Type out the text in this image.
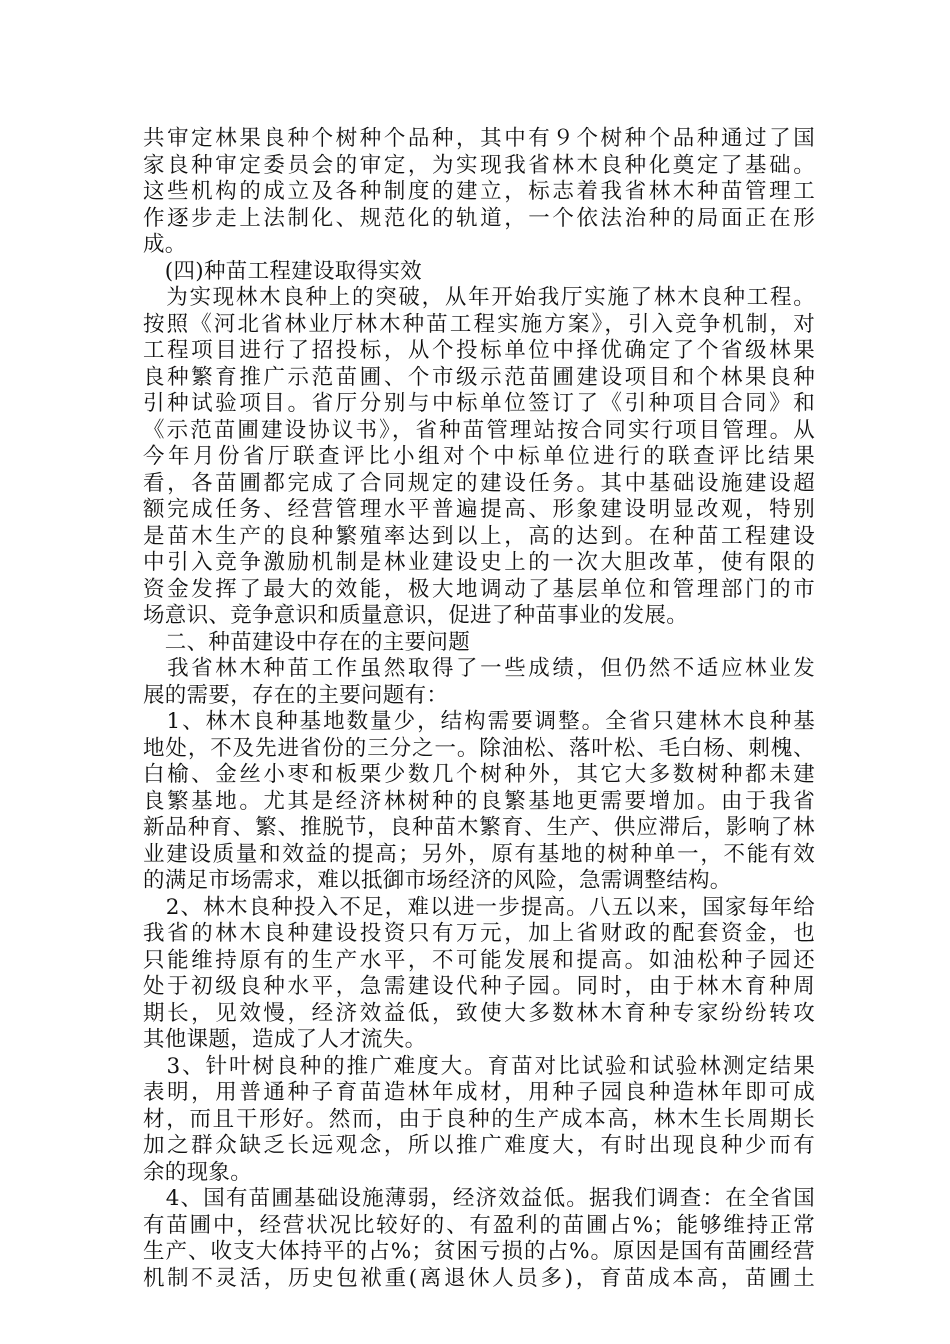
共审定林果良种个树种个品种，其中有９个树种个品种通过了国
家良种审定委员会的审定，为实现我省林木良种化奠定了基础。
这些机构的成立及各种制度的建立，标志着我省林木种苗管理工
作逐步走上法制化、规范化的轨道，一个依法治种的局面正在形
成。
　(四)种苗工程建设取得实效
　为实现林木良种上的突破，从年开始我厅实施了林木良种工程。
按照《河北省林业厅林木种苗工程实施方案》，引入竞争机制，对
工程项目进行了招投标，从个投标单位中择优确定了个省级林果
良种繁育推广示范苗圃、个市级示范苗圃建设项目和个林果良种
引种试验项目。省厅分别与中标单位签订了《引种项目合同》和
《示范苗圃建设协议书》，省种苗管理站按合同实行项目管理。从
今年月份省厅联查评比小组对个中标单位进行的联查评比结果
看，各苗圃都完成了合同规定的建设任务。其中基础设施建设超
额完成任务、经营管理水平普遍提高、形象建设明显改观，特别
是苗木生产的良种繁殖率达到以上，高的达到。在种苗工程建设
中引入竞争激励机制是林业建设史上的一次大胆改革，使有限的
资金发挥了最大的效能，极大地调动了基层单位和管理部门的市
场意识、竞争意识和质量意识，促进了种苗事业的发展。
　二、种苗建设中存在的主要问题
　我省林木种苗工作虽然取得了一些成绩，但仍然不适应林业发
展的需要，存在的主要问题有：
　1、林木良种基地数量少，结构需要调整。全省只建林木良种基
地处，不及先进省份的三分之一。除油松、落叶松、毛白杨、刺槐、
白榆、金丝小枣和板栗少数几个树种外，其它大多数树种都未建
良繁基地。尤其是经济林树种的良繁基地更需要增加。由于我省
新品种育、繁、推脱节，良种苗木繁育、生产、供应滞后，影响了林
业建设质量和效益的提高；另外，原有基地的树种单一，不能有效
的满足市场需求，难以抵御市场经济的风险，急需调整结构。
　2、林木良种投入不足，难以进一步提高。八五以来，国家每年给
我省的林木良种建设投资只有万元，加上省财政的配套资金，也
只能维持原有的生产水平，不可能发展和提高。如油松种子园还
处于初级良种水平，急需建设代种子园。同时，由于林木育种周
期长，见效慢，经济效益低，致使大多数林木育种专家纷纷转攻
其他课题，造成了人才流失。
　3、针叶树良种的推广难度大。育苗对比试验和试验林测定结果
表明，用普通种子育苗造林年成材，用种子园良种造林年即可成
材，而且干形好。然而，由于良种的生产成本高，林木生长周期长
加之群众缺乏长远观念，所以推广难度大，有时出现良种少而有
余的现象。
　4、国有苗圃基础设施薄弱，经济效益低。据我们调查：在全省国
有苗圃中，经营状况比较好的、有盈利的苗圃占%；能够维持正常
生产、收支大体持平的占%；贫困亏损的占%。原因是国有苗圃经营
机制不灵活，历史包袱重(离退休人员多)，育苗成本高，苗圃土
